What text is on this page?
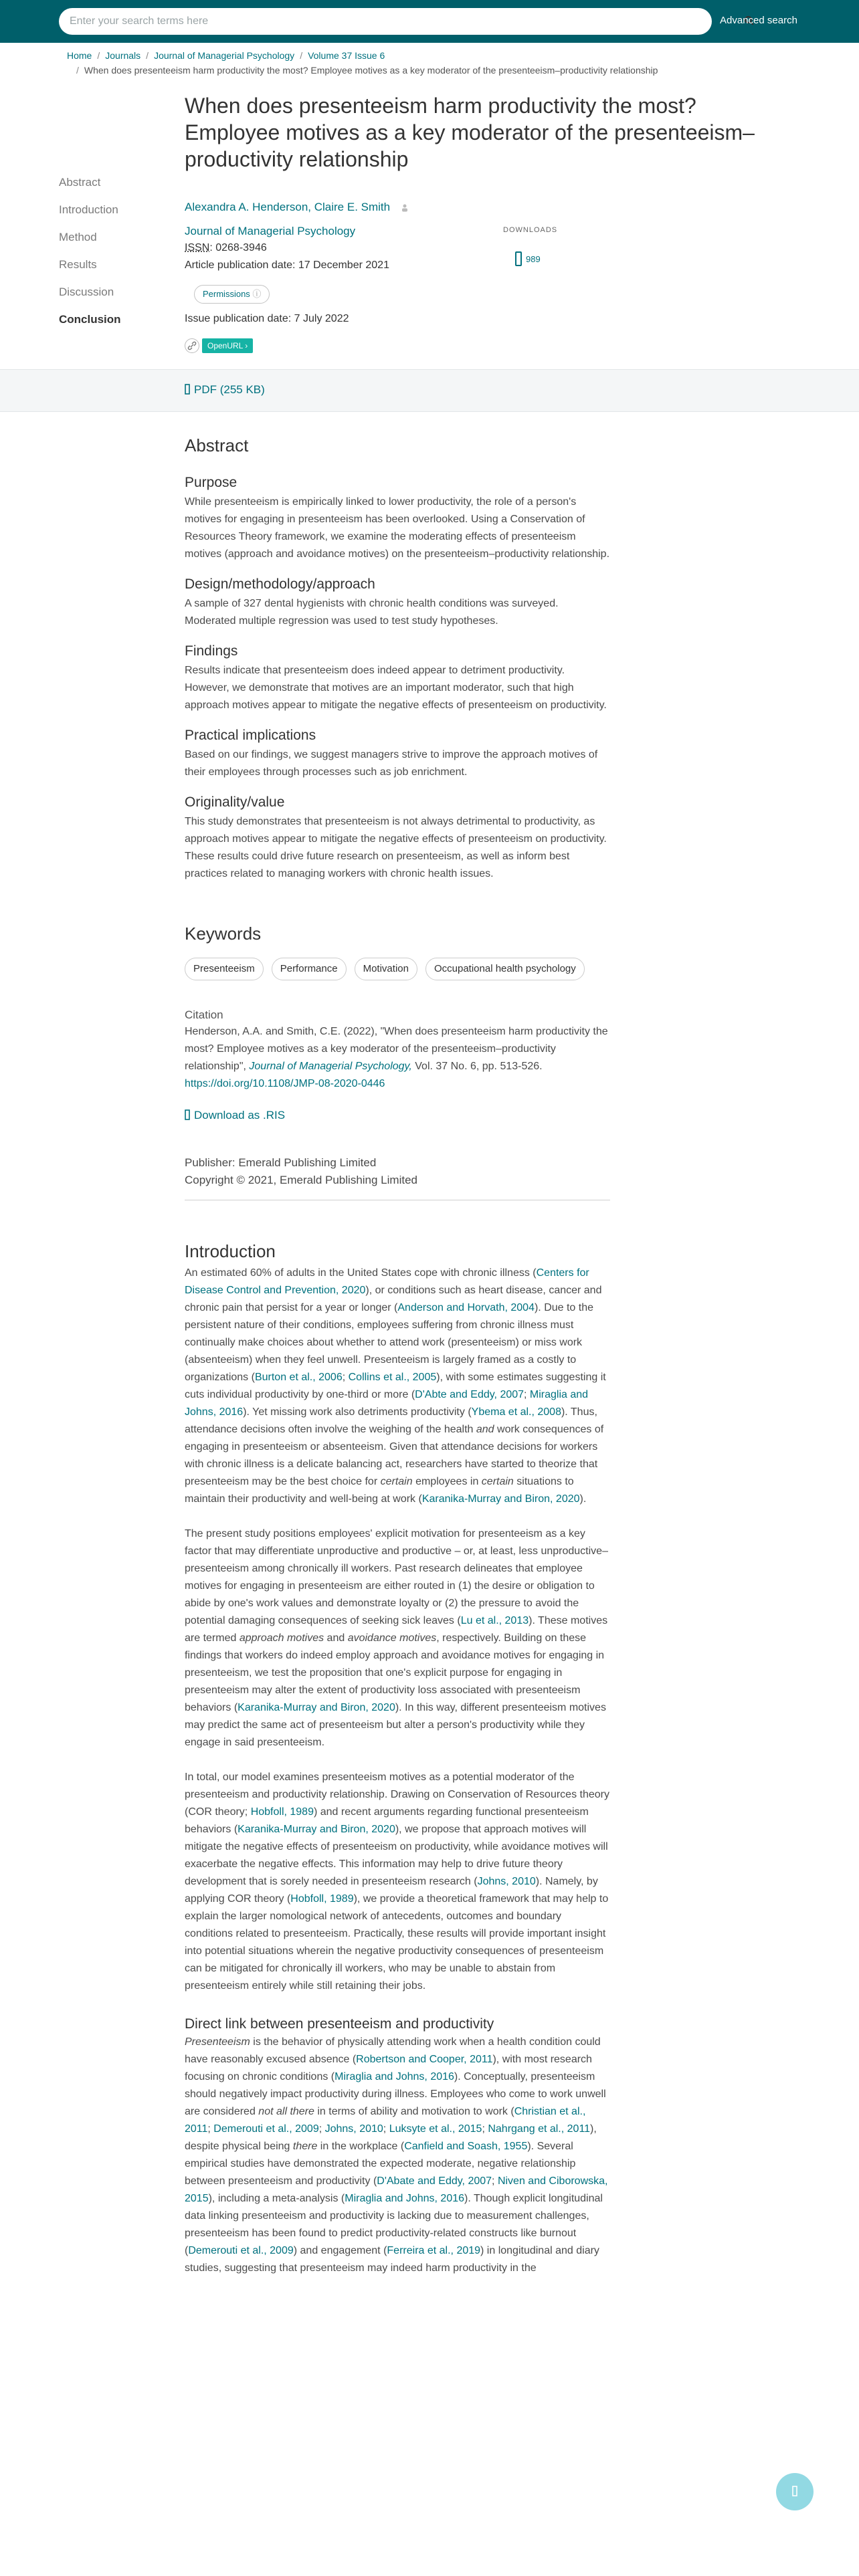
Enter your search terms here
Advanced search
Home / Journals / Journal of Managerial Psychology / Volume 37 Issue 6
/ When does presenteeism harm productivity the most? Employee motives as a key moderator of the presenteeism–productivity relationship
Abstract
Introduction
Method
Results
Discussion
Conclusion
When does presenteeism harm productivity the most? Employee motives as a key moderator of the presenteeism–productivity relationship
Alexandra A. Henderson, Claire E. Smith
Journal of Managerial Psychology
ISSN: 0268-3946
Article publication date: 17 December 2021
Permissions ⓘ
Issue publication date: 7 July 2022
OpenURL ›
DOWNLOADS
989
PDF (255 KB)
Abstract
Purpose

While presenteeism is empirically linked to lower productivity, the role of a person's motives for engaging in presenteeism has been overlooked. Using a Conservation of Resources Theory framework, we examine the moderating effects of presenteeism motives (approach and avoidance motives) on the presenteeism–productivity relationship.

Design/methodology/approach

A sample of 327 dental hygienists with chronic health conditions was surveyed. Moderated multiple regression was used to test study hypotheses.

Findings

Results indicate that presenteeism does indeed appear to detriment productivity. However, we demonstrate that motives are an important moderator, such that high approach motives appear to mitigate the negative effects of presenteeism on productivity.

Practical implications

Based on our findings, we suggest managers strive to improve the approach motives of their employees through processes such as job enrichment.

Originality/value

This study demonstrates that presenteeism is not always detrimental to productivity, as approach motives appear to mitigate the negative effects of presenteeism on productivity. These results could drive future research on presenteeism, as well as inform best practices related to managing workers with chronic health issues.

Keywords
Presenteeism	Performance	Motivation	Occupational health psychology
Citation

Henderson, A.A. and Smith, C.E. (2022), "When does presenteeism harm productivity the most? Employee motives as a key moderator of the presenteeism–productivity relationship", Journal of Managerial Psychology, Vol. 37 No. 6, pp. 513-526. https://doi.org/10.1108/JMP-08-2020-0446

Download as .RIS
Publisher: Emerald Publishing Limited
Copyright © 2021, Emerald Publishing Limited
Introduction

An estimated 60% of adults in the United States cope with chronic illness (Centers for Disease Control and Prevention, 2020), or conditions such as heart disease, cancer and chronic pain that persist for a year or longer (Anderson and Horvath, 2004). Due to the persistent nature of their conditions, employees suffering from chronic illness must continually make choices about whether to attend work (presenteeism) or miss work (absenteeism) when they feel unwell. Presenteeism is largely framed as a costly to organizations (Burton et al., 2006; Collins et al., 2005), with some estimates suggesting it cuts individual productivity by one-third or more (D'Abte and Eddy, 2007; Miraglia and Johns, 2016). Yet missing work also detriments productivity (Ybema et al., 2008). Thus, attendance decisions often involve the weighing of the health and work consequences of engaging in presenteeism or absenteeism. Given that attendance decisions for workers with chronic illness is a delicate balancing act, researchers have started to theorize that presenteeism may be the best choice for certain employees in certain situations to maintain their productivity and well-being at work (Karanika-Murray and Biron, 2020).

The present study positions employees' explicit motivation for presenteeism as a key factor that may differentiate unproductive and productive – or, at least, less unproductive–presenteeism among chronically ill workers. Past research delineates that employee motives for engaging in presenteeism are either routed in (1) the desire or obligation to abide by one's work values and demonstrate loyalty or (2) the pressure to avoid the potential damaging consequences of seeking sick leaves (Lu et al., 2013). These motives are termed approach motives and avoidance motives, respectively. Building on these findings that workers do indeed employ approach and avoidance motives for engaging in presenteeism, we test the proposition that one's explicit purpose for engaging in presenteeism may alter the extent of productivity loss associated with presenteeism behaviors (Karanika-Murray and Biron, 2020). In this way, different presenteeism motives may predict the same act of presenteeism but alter a person's productivity while they engage in said presenteeism.

In total, our model examines presenteeism motives as a potential moderator of the presenteeism and productivity relationship. Drawing on Conservation of Resources theory (COR theory; Hobfoll, 1989) and recent arguments regarding functional presenteeism behaviors (Karanika-Murray and Biron, 2020), we propose that approach motives will mitigate the negative effects of presenteeism on productivity, while avoidance motives will exacerbate the negative effects. This information may help to drive future theory development that is sorely needed in presenteeism research (Johns, 2010). Namely, by applying COR theory (Hobfoll, 1989), we provide a theoretical framework that may help to explain the larger nomological network of antecedents, outcomes and boundary conditions related to presenteeism. Practically, these results will provide important insight into potential situations wherein the negative productivity consequences of presenteeism can be mitigated for chronically ill workers, who may be unable to abstain from presenteeism entirely while still retaining their jobs.

Direct link between presenteeism and productivity

Presenteeism is the behavior of physically attending work when a health condition could have reasonably excused absence (Robertson and Cooper, 2011), with most research focusing on chronic conditions (Miraglia and Johns, 2016). Conceptually, presenteeism should negatively impact productivity during illness. Employees who come to work unwell are considered not all there in terms of ability and motivation to work (Christian et al., 2011; Demerouti et al., 2009; Johns, 2010; Luksyte et al., 2015; Nahrgang et al., 2011), despite physical being there in the workplace (Canfield and Soash, 1955). Several empirical studies have demonstrated the expected moderate, negative relationship between presenteeism and productivity (D'Abate and Eddy, 2007; Niven and Ciborowska, 2015), including a meta-analysis (Miraglia and Johns, 2016). Though explicit longitudinal data linking presenteeism and productivity is lacking due to measurement challenges, presenteeism has been found to predict productivity-related constructs like burnout (Demerouti et al., 2009) and engagement (Ferreira et al., 2019) in longitudinal and diary studies, suggesting that presenteeism may indeed harm productivity in the
